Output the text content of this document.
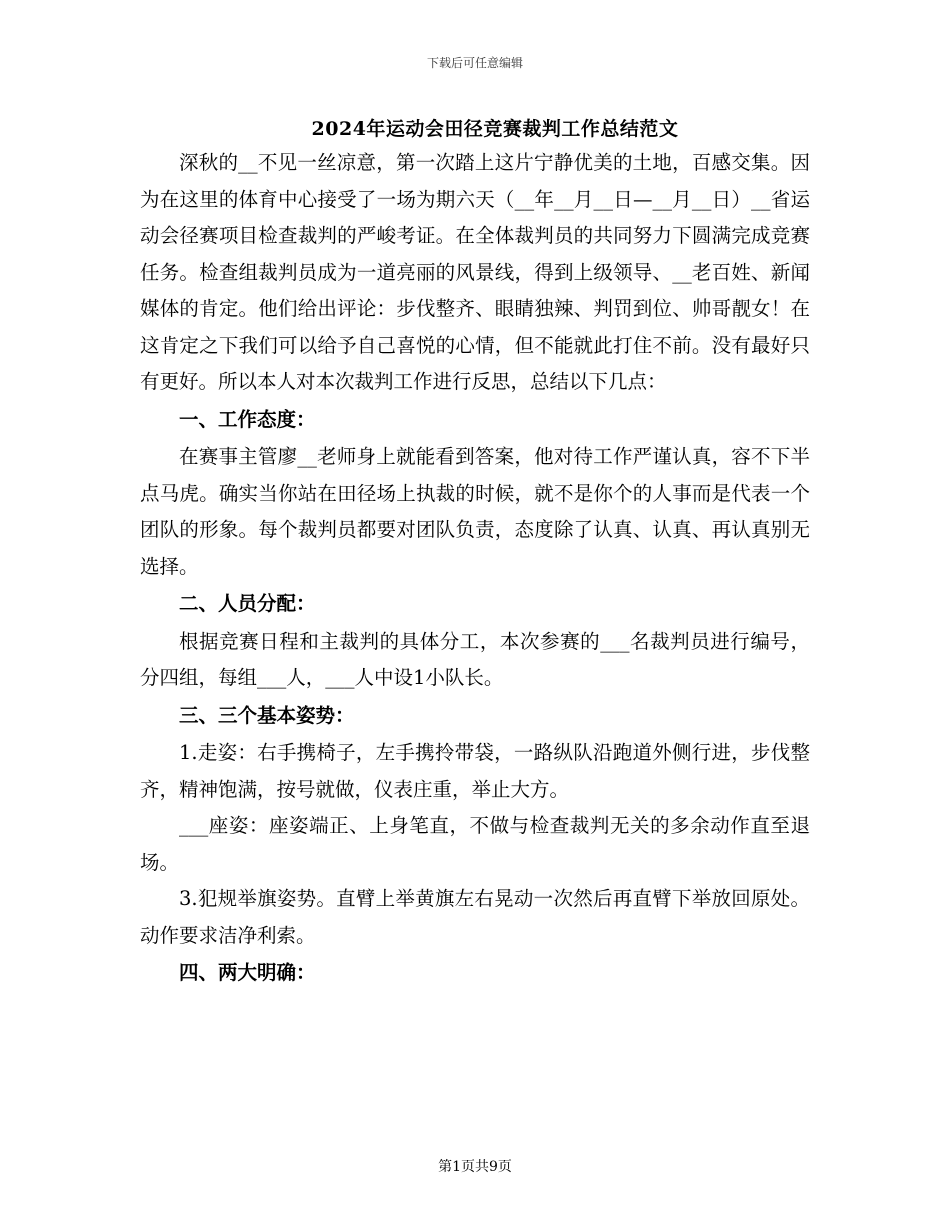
下载后可任意编辑
2024年运动会田径竞赛裁判工作总结范文

深秋的__不见一丝凉意，第一次踏上这片宁静优美的土地，百感交集。因为在这里的体育中心接受了一场为期六天（__年__月__日—__月__日）__省运动会径赛项目检查裁判的严峻考证。在全体裁判员的共同努力下圆满完成竞赛任务。检查组裁判员成为一道亮丽的风景线，得到上级领导、__老百姓、新闻媒体的肯定。他们给出评论：步伐整齐、眼睛独辣、判罚到位、帅哥靓女！在这肯定之下我们可以给予自己喜悦的心情，但不能就此打住不前。没有最好只有更好。所以本人对本次裁判工作进行反思，总结以下几点：

一、工作态度：

在赛事主管廖__老师身上就能看到答案，他对待工作严谨认真，容不下半点马虎。确实当你站在田径场上执裁的时候，就不是你个的人事而是代表一个团队的形象。每个裁判员都要对团队负责，态度除了认真、认真、再认真别无选择。

二、人员分配：

根据竞赛日程和主裁判的具体分工，本次参赛的___名裁判员进行编号，分四组，每组___人，___人中设1小队长。

三、三个基本姿势：

1.走姿：右手携椅子，左手携拎带袋，一路纵队沿跑道外侧行进，步伐整齐，精神饱满，按号就做，仪表庄重，举止大方。

___座姿：座姿端正、上身笔直，不做与检查裁判无关的多余动作直至退场。

3.犯规举旗姿势。直臂上举黄旗左右晃动一次然后再直臂下举放回原处。动作要求洁净利索。

四、两大明确：

第1页共9页
